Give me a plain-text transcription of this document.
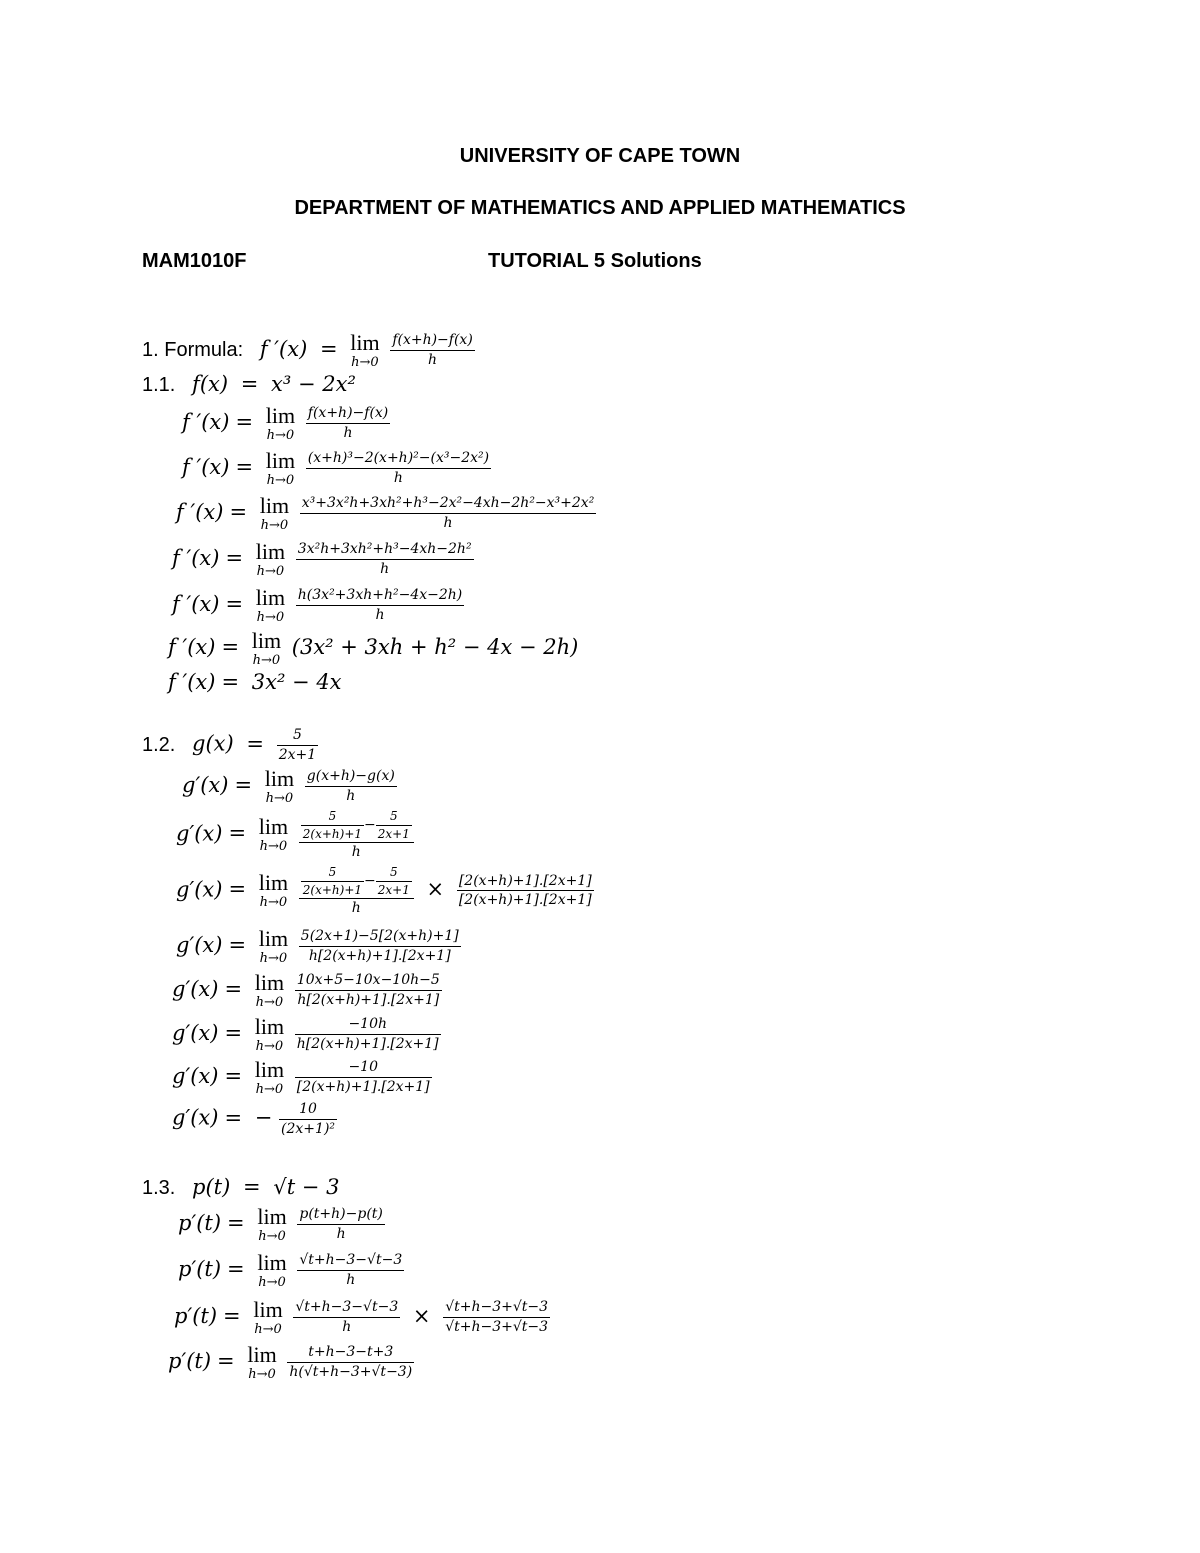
UNIVERSITY OF CAPE TOWN
DEPARTMENT OF MATHEMATICS AND APPLIED MATHEMATICS
MAM1010F	TUTORIAL 5 Solutions
1. Formula: f ′(x) = lim
h→0
$\frac{f(x+h)-f(x)}{h}$
1.1. f(x) = x³ − 2x²
f ′(x) = lim
h→0
$\frac{f(x+h)-f(x)}{h}$
f ′(x) = lim
h→0
$\frac{\text{(x+h)³−2(x+h)²−(x³−2x²)}}{h}$
f ′(x) = lim
h→0
$\frac{\text{x³+3x²h+3xh²+h³−2x²−4xh−2h²−x³+2x²}}{h}$
f ′(x) = lim
h→0
$\frac{\text{3x²h+3xh²+h³−4xh−2h²}}{h}$
f ′(x) = lim
h→0
$\frac{\text{h(3x²+3xh+h²−4x−2h)}}{h}$
f ′(x) = lim
h→0
(3x² + 3xh + h² − 4x − 2h)
f ′(x) = 3x² − 4x
1.2. $g(x) = \frac{5}{2x+1}$
g′(x) = lim
h→0
$\frac{g(x+h)-g(x)}{h}$
g′(x) = lim
h→0
$\frac{\frac{5}{2(x+h)+1} - \frac{5}{2x+1}}{h}$
g′(x) = lim
h→0
$\frac{\frac{5}{2(x+h)+1} - \frac{5}{2x+1}}{h} \times \frac{[2(x+h)+1].[2x+1]}{[2(x+h)+1].[2x+1]}$
g′(x) = lim
h→0
$\frac{5(2x+1)-5[2(x+h)+1]}{h[2(x+h)+1].[2x+1]}$
g′(x) = lim
h→0
$\frac{10x+5-10x-10h-5}{h[2(x+h)+1].[2x+1]}$
g′(x) = lim
h→0
$\frac{-10h}{h[2(x+h)+1].[2x+1]}$
g′(x) = lim
h→0
$\frac{-10}{[2(x+h)+1].[2x+1]}$
g′(x) = − $\frac{10}{\text{(2x+1)²}}$
1.3. p(t) = √t − 3
p′(t) = lim
h→0
$\frac{p(t+h)-p(t)}{h}$
p′(t) = lim
h→0
$\frac{√t+h-3-√t-3}{h}$
p′(t) = lim
h→0
$\frac{√t+h-3-√t-3}{h} \times \frac{√t+h-3+√t-3}{√t+h-3+√t-3}$
p′(t) = lim
h→0
$\frac{t+h-3-t+3}{h(√t+h-3+√t-3)}$
